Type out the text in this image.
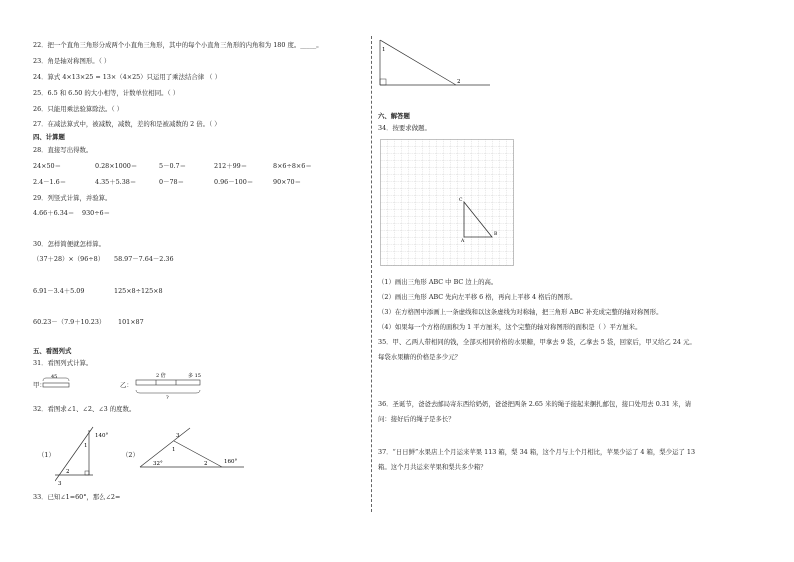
22．把一个直角三角形分成两个小直角三角形，其中的每个小直角三角形的内角和为 180 度。_____。
23．角是轴对称图形。（ ）
24．算式 4×13×25 = 13×（4×25）只运用了乘法结合律 （ ）
25．6.5 和 6.50 的大小相等，计数单位相同。（ ）
26．只能用乘法验算除法。（ ）
27．在减法算式中，被减数，减数，差的和是被减数的 2 倍。（ ）
四、计算题
28．直接写出得数。
24×50＝	0.28×1000＝	5－0.7＝	212＋99＝	8×6÷8×6＝
2.4－1.6＝	4.35＋5.38＝	0－78＝	0.96－100＝	90×70＝
29．列竖式计算，并验算。
4.66＋6.34＝ 930÷6＝
30．怎样简便就怎样算。
（37＋28）×（96÷8） 58.97－7.64－2.36
6.91－3.4＋5.09	125×8÷125×8
60.23－（7.9＋10.23） 101×87
五、看图列式
31．看图列式计算。
甲：
45
乙：
2 倍	多 15
?
32．看图求∠1、∠2、∠3 的度数。
（1）
140°
1
2
3
（2）
32°
1
3
2	160°
33．已知∠1=60°，那么∠2=
1
2
六、解答题
34．按要求做题。
C
A
B
（1）画出三角形 ABC 中 BC 边上的高。
（2）画出三角形 ABC 先向左平移 6 格，再向上平移 4 格后的图形。
（3）在方格图中添画上一条虚线和以这条虚线为对称轴，把三角形 ABC 补充成完整的轴对称图形。
（4）如果每一个方格的面积为 1 平方厘米，这个完整的轴对称图形的面积是（ ）平方厘米。
35．甲、乙两人带相同的钱，全部买相同价格的水果糖，甲拿去 9 袋，乙拿去 5 袋，回家后，甲又给乙 24 元。
每袋水果糖的价格是多少元？
36．圣诞节，爸爸去邮局寄东西给奶奶，爸爸把两条 2.65 米的绳子接起来捆扎邮包，接口处用去 0.31 米，请
问：接好后的绳子是多长？
37．“日日鲜”水果店上个月运来苹果 113 箱，梨 34 箱，这个月与上个月相比，苹果少运了 4 箱，梨少运了 13
箱。这个月共运来苹果和梨共多少箱？
